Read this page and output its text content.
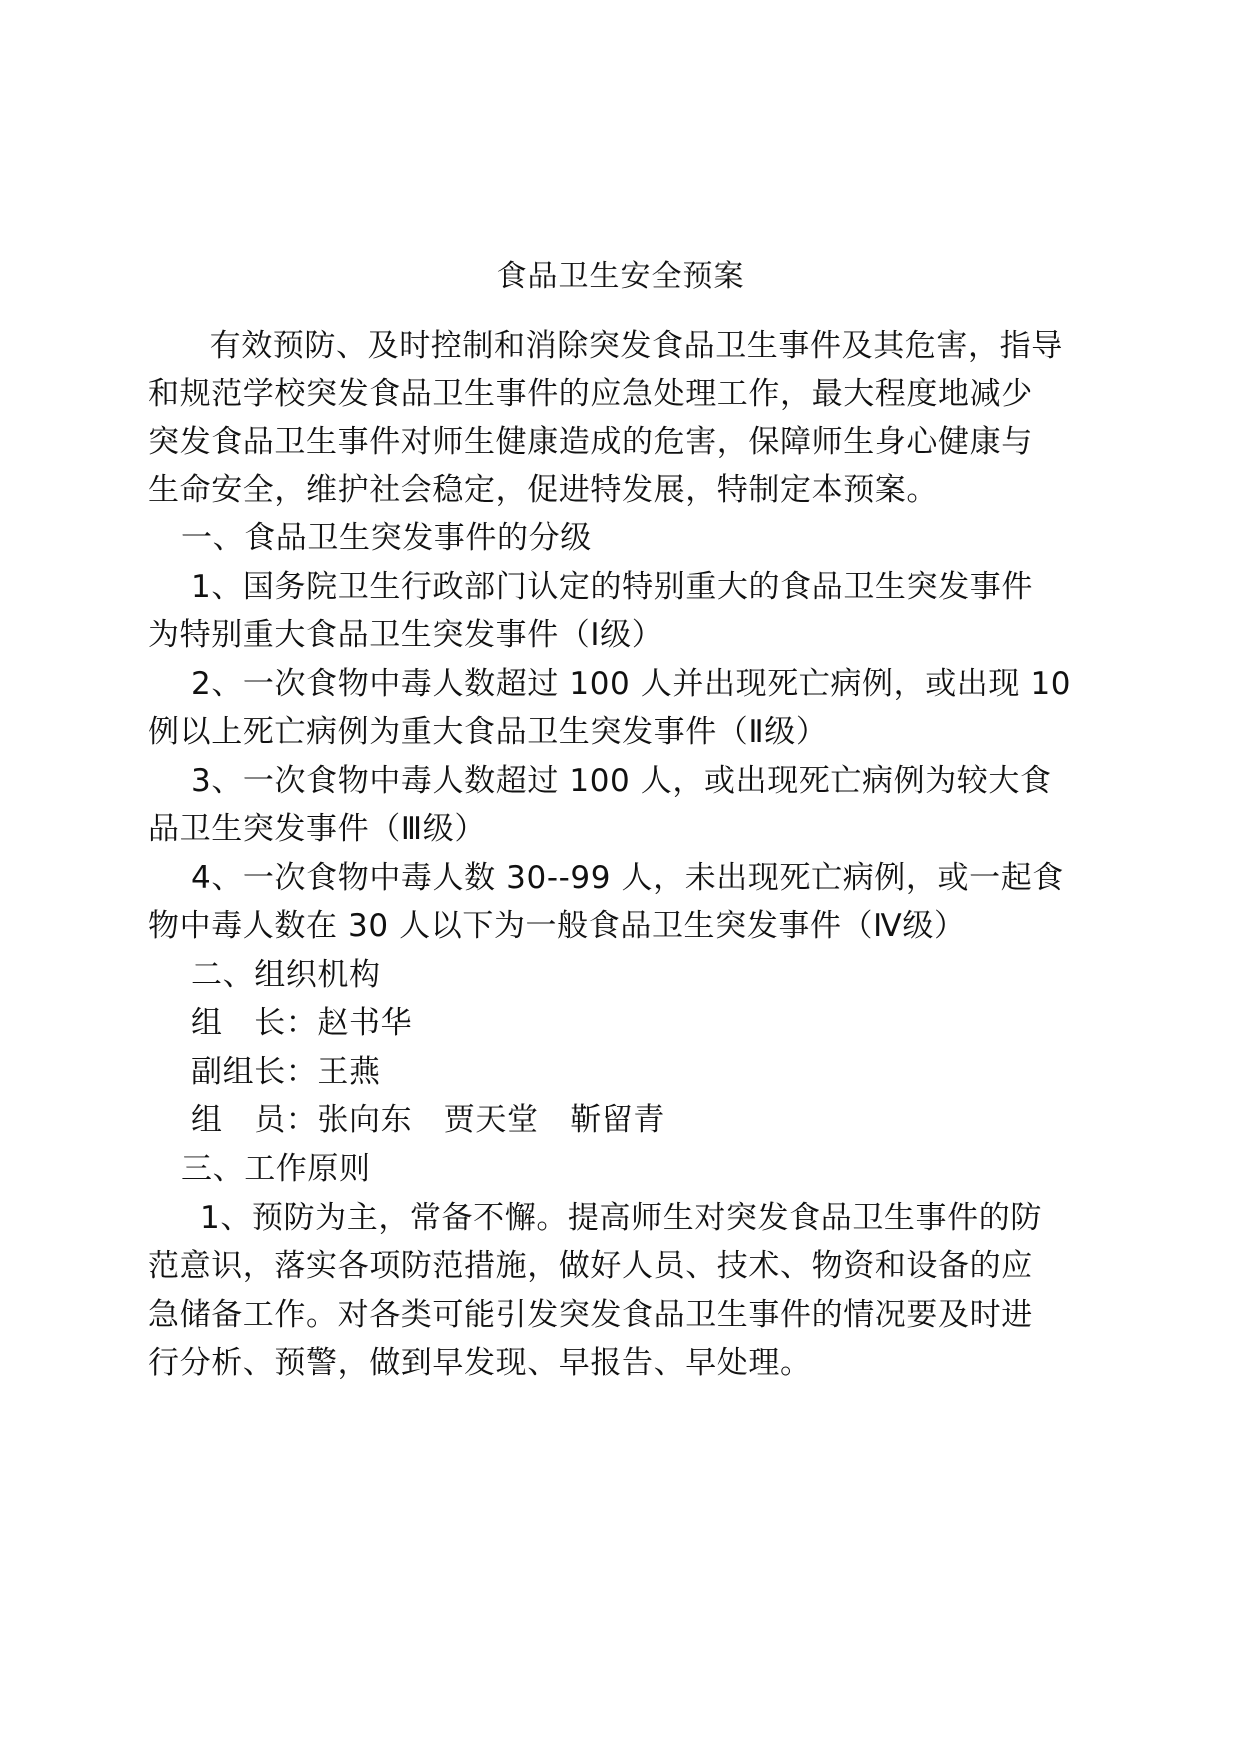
食品卫生安全预案
　有效预防、及时控制和消除突发食品卫生事件及其危害，指导
和规范学校突发食品卫生事件的应急处理工作，最大程度地减少
突发食品卫生事件对师生健康造成的危害，保障师生身心健康与
生命安全，维护社会稳定，促进特发展，特制定本预案。
一、食品卫生突发事件的分级
1、国务院卫生行政部门认定的特别重大的食品卫生突发事件
为特别重大食品卫生突发事件（Ⅰ级）
2、一次食物中毒人数超过 100 人并出现死亡病例，或出现 10
例以上死亡病例为重大食品卫生突发事件（Ⅱ级）
3、一次食物中毒人数超过 100 人，或出现死亡病例为较大食
品卫生突发事件（Ⅲ级）
4、一次食物中毒人数 30--99 人，未出现死亡病例，或一起食
物中毒人数在 30 人以下为一般食品卫生突发事件（Ⅳ级）
二、组织机构
组　长：赵书华
副组长：王燕
组　员：张向东　贾天堂　靳留青
三、工作原则
1、预防为主，常备不懈。提高师生对突发食品卫生事件的防
范意识，落实各项防范措施，做好人员、技术、物资和设备的应
急储备工作。对各类可能引发突发食品卫生事件的情况要及时进
行分析、预警，做到早发现、早报告、早处理。
